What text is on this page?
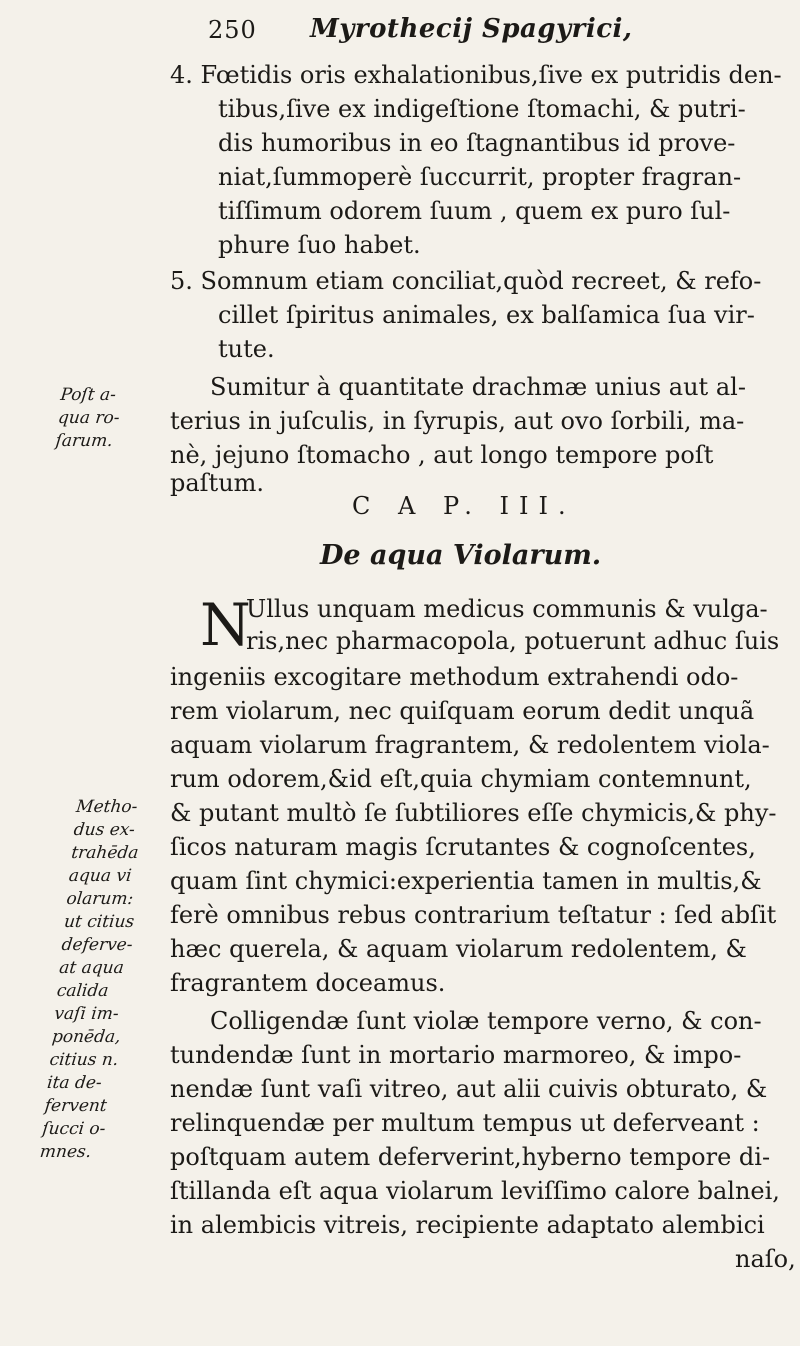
250 Myrothecij Spagyrici,
Poſt a-
qua ro-
ſarum.
Metho-
dus ex-
trahēda
aqua vi
olarum:
ut citius
deferve-
at aqua
calida
vaſi im-
ponēda,
citius n.
ita de-
fervent
ſucci o-
mnes.
4. Fœtidis oris exhalationibus,ſive ex putridis den-
tibus,ſive ex indigeſtione ſtomachi, & putri-
dis humoribus in eo ſtagnantibus id prove-
niat,ſummoperè ſuccurrit, propter fragran-
tiſſimum odorem ſuum , quem ex puro ſul-
phure ſuo habet.
5. Somnum etiam conciliat,quòd recreet, & refo-
cillet ſpiritus animales, ex balſamica ſua vir-
tute.
Sumitur à quantitate drachmæ unius aut al-
terius in juſculis, in ſyrupis, aut ovo ſorbili, ma-
nè, jejuno ſtomacho , aut longo tempore poſt
paſtum.
C A P. III.
De aqua Violarum.
N
Ullus unquam medicus communis & vulga-
ris,nec pharmacopola, potuerunt adhuc ſuis
ingeniis excogitare methodum extrahendi odo-
rem violarum, nec quiſquam eorum dedit unquã
aquam violarum fragrantem, & redolentem viola-
rum odorem,&id eſt,quia chymiam contemnunt,
& putant multò ſe ſubtiliores eſſe chymicis,& phy-
ſicos naturam magis ſcrutantes & cognoſcentes,
quam ſint chymici:experientia tamen in multis,&
ferè omnibus rebus contrarium teſtatur : ſed abſit
hæc querela, & aquam violarum redolentem, &
fragrantem doceamus.
Colligendæ ſunt violæ tempore verno, & con-
tundendæ ſunt in mortario marmoreo, & impo-
nendæ ſunt vaſi vitreo, aut alii cuivis obturato, &
relinquendæ per multum tempus ut deferveant :
poſtquam autem deferverint,hyberno tempore di-
ſtillanda eſt aqua violarum leviſſimo calore balnei,
in alembicis vitreis, recipiente adaptato alembici
naſo,
